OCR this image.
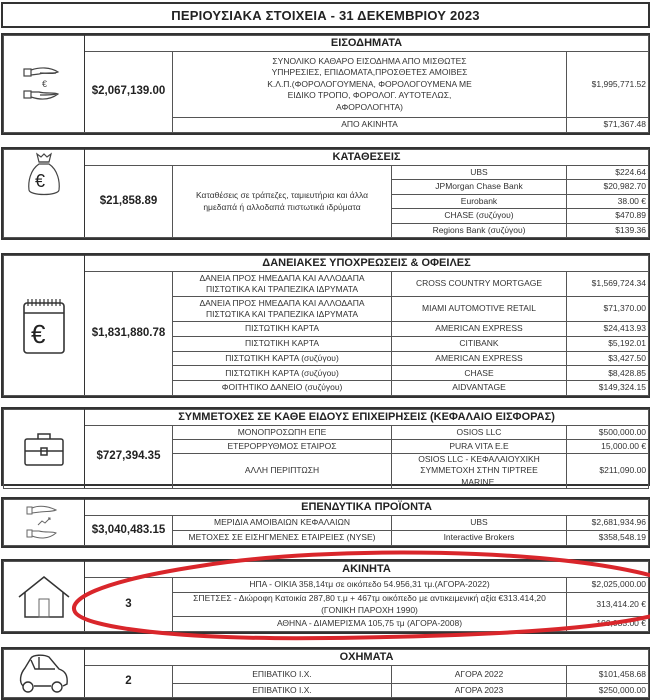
ΠΕΡΙΟΥΣΙΑΚΑ ΣΤΟΙΧΕΙΑ - 31 ΔΕΚΕΜΒΡΙΟΥ 2023
€	ΕΙΣΟΔΗΜΑΤΑ		
	$2,067,139.00	ΣΥΝΟΛΙΚΟ ΚΑΘΑΡΟ ΕΙΣΟΔΗΜΑ ΑΠΟ ΜΙΣΘΩΤΕΣ ΥΠΗΡΕΣΙΕΣ, ΕΠΙΔΟΜΑΤΑ,ΠΡΟΣΘΕΤΕΣ ΑΜΟΙΒΕΣ Κ.Λ.Π.(ΦΟΡΟΛΟΓΟΥΜΕΝΑ, ΦΟΡΟΛΟΓΟΥΜΕΝΑ ΜΕ ΕΙΔΙΚΟ ΤΡΟΠΟ, ΦΟΡΟΛΟΓ. ΑΥΤΟΤΕΛΩΣ, ΑΦΟΡΟΛΟΓΗΤΑ)	$1,995,771.52
		ΑΠΟ ΑΚΙΝΗΤΑ	$71,367.48
€	ΚΑΤΑΘΕΣΕΙΣ			
	$21,858.89	Καταθέσεις σε τράπεζες, ταμιευτήρια και άλλα ημεδαπά ή αλλοδαπά πιστωτικά ιδρύματα	UBS	$224.64
			JPMorgan Chase Bank	$20,982.70
			Eurobank	38.00 €
			CHASE (συζύγου)	$470.89
			Regions Bank (συζύγου)	$139.36
€	ΔΑΝΕΙΑΚΕΣ ΥΠΟΧΡΕΩΣΕΙΣ & ΟΦΕΙΛΕΣ			
	$1,831,880.78	ΔΑΝΕΙΑ ΠΡΟΣ ΗΜΕΔΑΠΑ ΚΑΙ ΑΛΛΟΔΑΠΑ ΠΙΣΤΩΤΙΚΑ ΚΑΙ ΤΡΑΠΕΖΙΚΑ ΙΔΡΥΜΑΤΑ	CROSS COUNTRY MORTGAGE	$1,569,724.34
		ΔΑΝΕΙΑ ΠΡΟΣ ΗΜΕΔΑΠΑ ΚΑΙ ΑΛΛΟΔΑΠΑ ΠΙΣΤΩΤΙΚΑ ΚΑΙ ΤΡΑΠΕΖΙΚΑ ΙΔΡΥΜΑΤΑ	MIAMI AUTOMOTIVE RETAIL	$71,370.00
		ΠΙΣΤΩΤΙΚΗ ΚΑΡΤΑ	AMERICAN EXPRESS	$24,413.93
		ΠΙΣΤΩΤΙΚΗ ΚΑΡΤΑ	CITIBANK	$5,192.01
		ΠΙΣΤΩΤΙΚΗ ΚΑΡΤΑ (συζύγου)	AMERICAN EXPRESS	$3,427.50
		ΠΙΣΤΩΤΙΚΗ ΚΑΡΤΑ (συζύγου)	CHASE	$8,428.85
		ΦΟΙΤΗΤΙΚΟ ΔΑΝΕΙΟ (συζύγου)	AIDVANTAGE	$149,324.15
	ΣΥΜΜΕΤΟΧΕΣ ΣΕ ΚΑΘΕ ΕΙΔΟΥΣ ΕΠΙΧΕΙΡΗΣΕΙΣ (ΚΕΦΑΛΑΙΟ ΕΙΣΦΟΡΑΣ)			
	$727,394.35	ΜΟΝΟΠΡΟΣΩΠΗ ΕΠΕ	OSIOS LLC	$500,000.00
		ΕΤΕΡΟΡΡΥΘΜΟΣ ΕΤΑΙΡΟΣ	PURA VITA E.E	15,000.00 €
		ΑΛΛΗ ΠΕΡΙΠΤΩΣΗ	OSIOS LLC - ΚΕΦΑΛΑΙΟΥΧΙΚΗ ΣΥΜΜΕΤΟΧΗ ΣΤΗΝ TIPTREE MARINE.	$211,090.00
	ΕΠΕΝΔΥΤΙΚΑ ΠΡΟΪΟΝΤΑ			
	$3,040,483.15	ΜΕΡΙΔΙΑ ΑΜΟΙΒΑΙΩΝ ΚΕΦΑΛΑΙΩΝ	UBS	$2,681,934.96
		ΜΕΤΟΧΕΣ ΣΕ ΕΙΣΗΓΜΕΝΕΣ ΕΤΑΙΡΕΙΕΣ (NYSE)	Interactive Brokers	$358,548.19
	ΑΚΙΝΗΤΑ		
	3	ΗΠΑ - ΟΙΚΙΑ 358,14τμ σε οικόπεδο 54.956,31 τμ.(ΑΓΟΡΑ-2022)	$2,025,000.00
		ΣΠΕΤΣΕΣ - Διώροφη Κατοικία 287,80 τ.μ + 467τμ οικόπεδο με αντικειμενική αξία €313.414,20 (ΓΟΝΙΚΗ ΠΑΡΟΧΗ 1990)	313,414.20 €
		ΑΘΗΝΑ - ΔΙΑΜΕΡΙΣΜΑ 105,75 τμ (ΑΓΟΡΑ-2008)	100,033.00 €
	ΟΧΗΜΑΤΑ			
	2	ΕΠΙΒΑΤΙΚΟ Ι.Χ.	ΑΓΟΡΑ 2022	$101,458.68
		ΕΠΙΒΑΤΙΚΟ Ι.Χ.	ΑΓΟΡΑ 2023	$250,000.00
